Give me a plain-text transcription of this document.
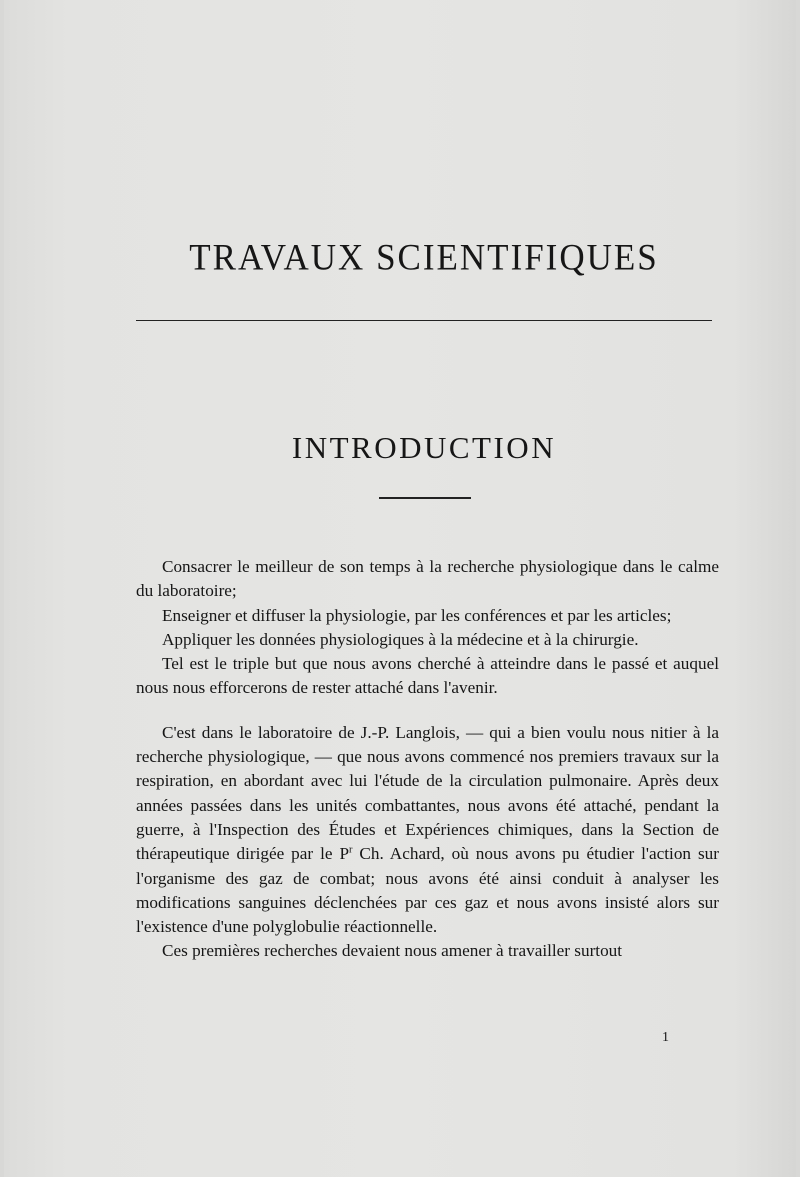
TRAVAUX SCIENTIFIQUES
INTRODUCTION

Consacrer le meilleur de son temps à la recherche physiologique dans le calme du laboratoire;

Enseigner et diffuser la physiologie, par les conférences et par les articles;

Appliquer les données physiologiques à la médecine et à la chirurgie.

Tel est le triple but que nous avons cherché à atteindre dans le passé et auquel nous nous efforcerons de rester attaché dans l'avenir.

C'est dans le laboratoire de J.-P. Langlois, — qui a bien voulu nous nitier à la recherche physiologique, — que nous avons commencé nos premiers travaux sur la respiration, en abordant avec lui l'étude de la circulation pulmonaire. Après deux années passées dans les unités combattantes, nous avons été attaché, pendant la guerre, à l'Inspection des Études et Expériences chimiques, dans la Section de thérapeutique dirigée par le $P^r$ Ch. Achard, où nous avons pu étudier l'action sur l'organisme des gaz de combat; nous avons été ainsi conduit à analyser les modifications sanguines déclenchées par ces gaz et nous avons insisté alors sur l'existence d'une polyglobulie réactionnelle.

Ces premières recherches devaient nous amener à travailler surtout

1
